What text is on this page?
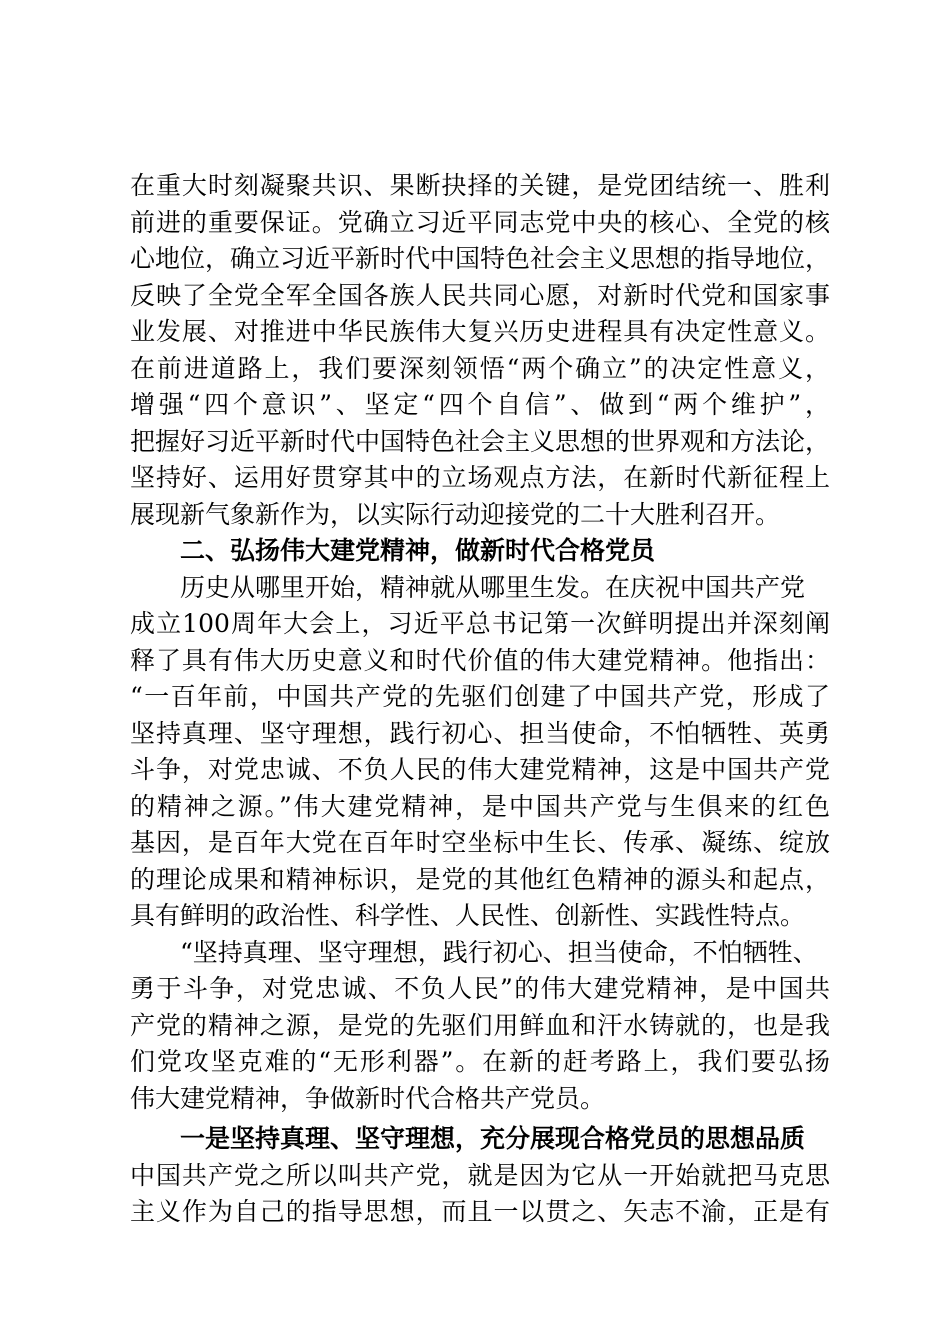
在重大时刻凝聚共识、果断抉择的关键，是党团结统一、胜利
前进的重要保证。党确立习近平同志党中央的核心、全党的核
心地位，确立习近平新时代中国特色社会主义思想的指导地位，
反映了全党全军全国各族人民共同心愿，对新时代党和国家事
业发展、对推进中华民族伟大复兴历史进程具有决定性意义。
在前进道路上，我们要深刻领悟“两个确立”的决定性意义，
增强“四个意识”、坚定“四个自信”、做到“两个维护”，
把握好习近平新时代中国特色社会主义思想的世界观和方法论，
坚持好、运用好贯穿其中的立场观点方法，在新时代新征程上
展现新气象新作为，以实际行动迎接党的二十大胜利召开。
二、弘扬伟大建党精神，做新时代合格党员
历史从哪里开始，精神就从哪里生发。在庆祝中国共产党
成立100周年大会上，习近平总书记第一次鲜明提出并深刻阐
释了具有伟大历史意义和时代价值的伟大建党精神。他指出：
“一百年前，中国共产党的先驱们创建了中国共产党，形成了
坚持真理、坚守理想，践行初心、担当使命，不怕牺牲、英勇
斗争，对党忠诚、不负人民的伟大建党精神，这是中国共产党
的精神之源。”伟大建党精神，是中国共产党与生俱来的红色
基因，是百年大党在百年时空坐标中生长、传承、凝练、绽放
的理论成果和精神标识，是党的其他红色精神的源头和起点，
具有鲜明的政治性、科学性、人民性、创新性、实践性特点。
“坚持真理、坚守理想，践行初心、担当使命，不怕牺牲、
勇于斗争，对党忠诚、不负人民”的伟大建党精神，是中国共
产党的精神之源，是党的先驱们用鲜血和汗水铸就的，也是我
们党攻坚克难的“无形利器”。在新的赶考路上，我们要弘扬
伟大建党精神，争做新时代合格共产党员。
一是坚持真理、坚守理想，充分展现合格党员的思想品质
中国共产党之所以叫共产党，就是因为它从一开始就把马克思
主义作为自己的指导思想，而且一以贯之、矢志不渝，正是有
